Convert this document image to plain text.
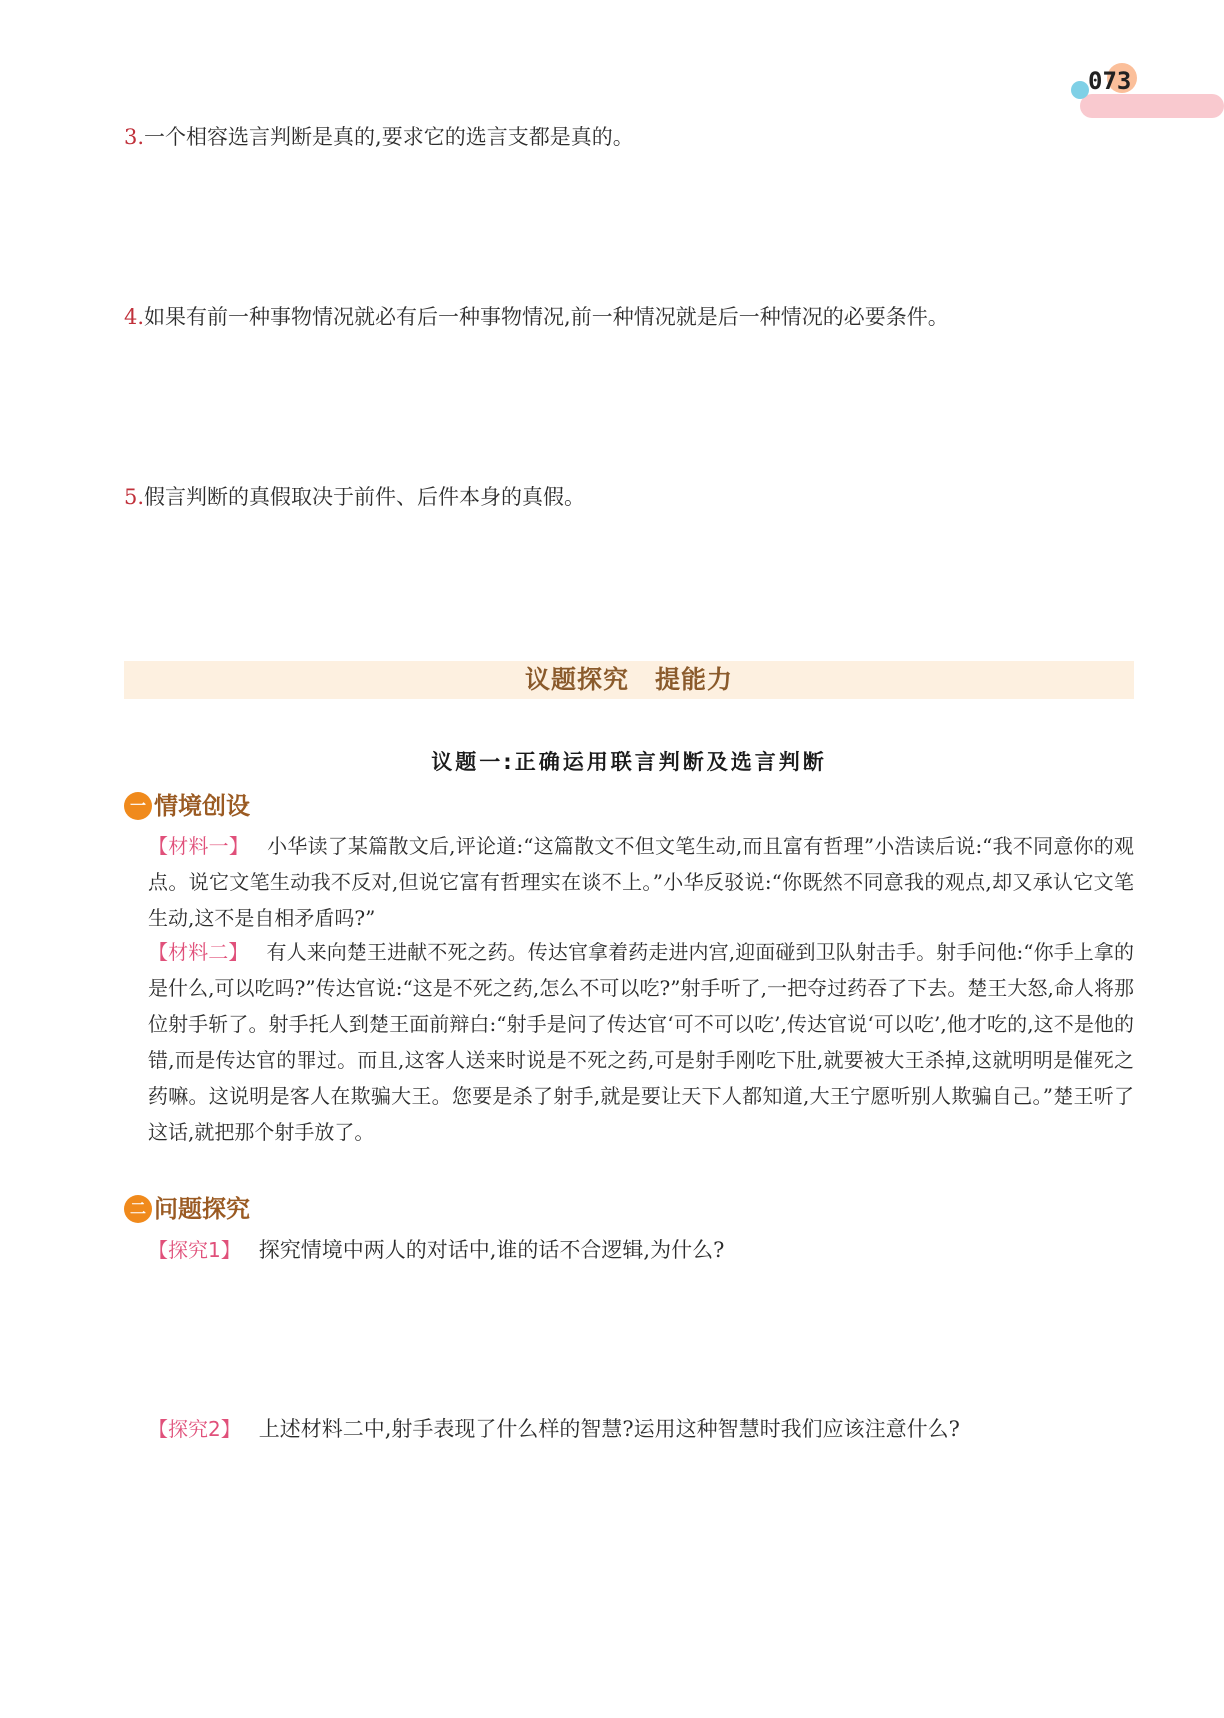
073
3.一个相容选言判断是真的,要求它的选言支都是真的。
4.如果有前一种事物情况就必有后一种事物情况,前一种情况就是后一种情况的必要条件。
5.假言判断的真假取决于前件、后件本身的真假。
议题探究　提能力
议题一:正确运用联言判断及选言判断
一 情境创设
【材料一】 小华读了某篇散文后,评论道:“这篇散文不但文笔生动,而且富有哲理”小浩读后说:“我不同意你的观点。说它文笔生动我不反对,但说它富有哲理实在谈不上。”小华反驳说:“你既然不同意我的观点,却又承认它文笔生动,这不是自相矛盾吗?”
【材料二】 有人来向楚王进献不死之药。传达官拿着药走进内宫,迎面碰到卫队射击手。射手问他:“你手上拿的是什么,可以吃吗?”传达官说:“这是不死之药,怎么不可以吃?”射手听了,一把夺过药吞了下去。楚王大怒,命人将那位射手斩了。射手托人到楚王面前辩白:“射手是问了传达官‘可不可以吃’,传达官说‘可以吃’,他才吃的,这不是他的错,而是传达官的罪过。而且,这客人送来时说是不死之药,可是射手刚吃下肚,就要被大王杀掉,这就明明是催死之药嘛。这说明是客人在欺骗大王。您要是杀了射手,就是要让天下人都知道,大王宁愿听别人欺骗自己。”楚王听了这话,就把那个射手放了。
二 问题探究
【探究1】 探究情境中两人的对话中,谁的话不合逻辑,为什么?
【探究2】 上述材料二中,射手表现了什么样的智慧?运用这种智慧时我们应该注意什么?
